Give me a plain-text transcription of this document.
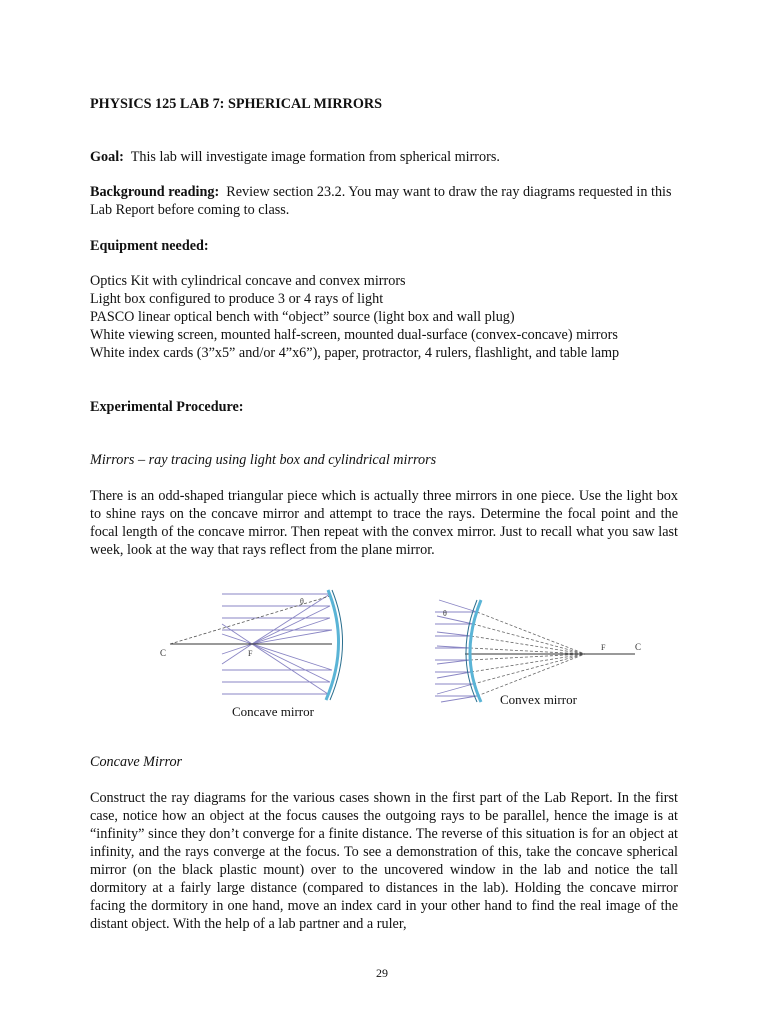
PHYSICS 125 LAB 7: SPHERICAL MIRRORS

Goal: This lab will investigate image formation from spherical mirrors.

Background reading: Review section 23.2. You may want to draw the ray diagrams requested in this Lab Report before coming to class.

Equipment needed:

Optics Kit with cylindrical concave and convex mirrors
Light box configured to produce 3 or 4 rays of light
PASCO linear optical bench with “object” source (light box and wall plug)
White viewing screen, mounted half-screen, mounted dual-surface (convex-concave) mirrors
White index cards (3”x5” and/or 4”x6”), paper, protractor, 4 rulers, flashlight, and table lamp

Experimental Procedure:

Mirrors – ray tracing using light box and cylindrical mirrors

There is an odd-shaped triangular piece which is actually three mirrors in one piece. Use the light box to shine rays on the concave mirror and attempt to trace the rays. Determine the focal point and the focal length of the concave mirror. Then repeat with the convex mirror. Just to recall what you saw last week, look at the way that rays reflect from the plane mirror.

C	F
θ
Concave mirror
F	C
θ
Convex mirror

Concave Mirror

Construct the ray diagrams for the various cases shown in the first part of the Lab Report. In the first case, notice how an object at the focus causes the outgoing rays to be parallel, hence the image is at “infinity” since they don’t converge for a finite distance. The reverse of this situation is for an object at infinity, and the rays converge at the focus. To see a demonstration of this, take the concave spherical mirror (on the black plastic mount) over to the uncovered window in the lab and notice the tall dormitory at a fairly large distance (compared to distances in the lab). Holding the concave mirror facing the dormitory in one hand, move an index card in your other hand to find the real image of the distant object. With the help of a lab partner and a ruler,

29
